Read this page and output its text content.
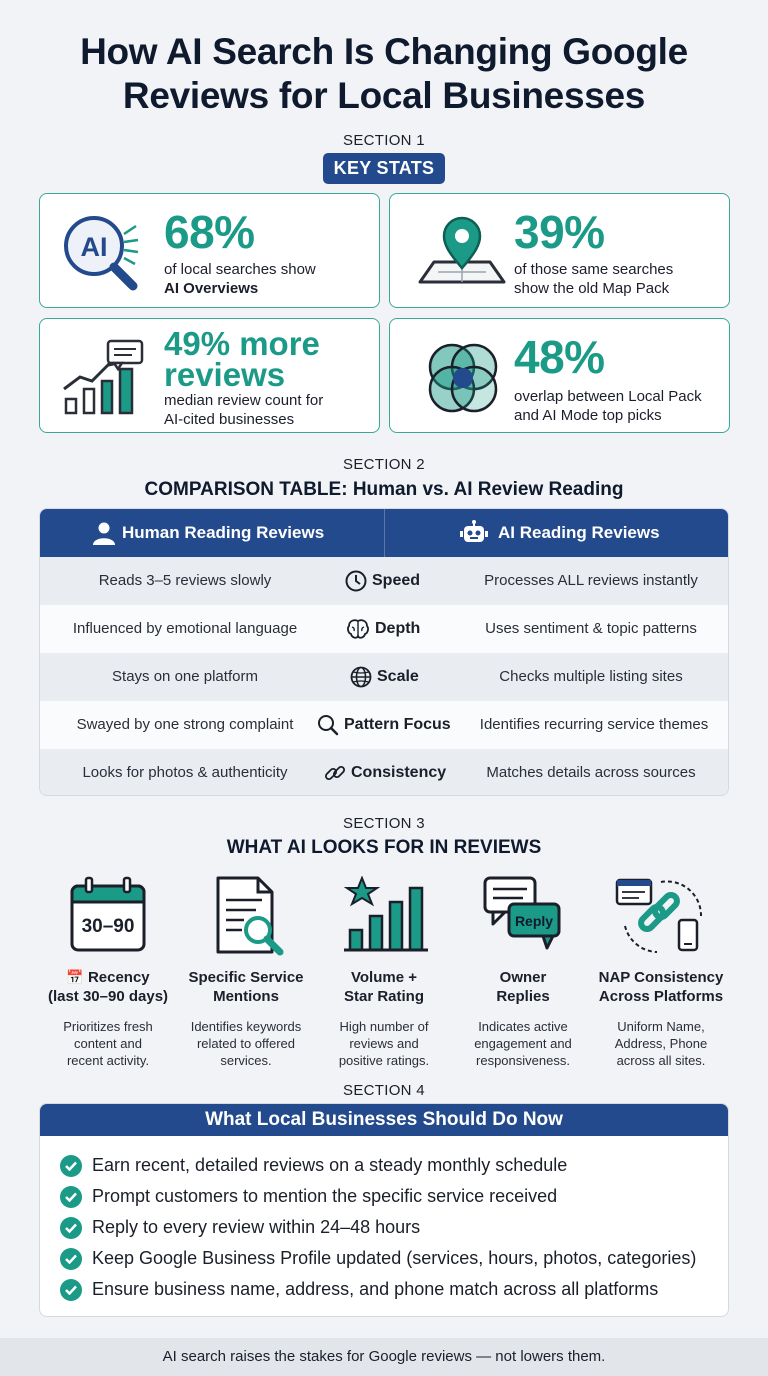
How AI Search Is Changing Google
Reviews for Local Businesses
SECTION 1
KEY STATS
AI 68%
of local searches show
AI Overviews
39%
of those same searches
show the old Map Pack
49% more
reviews
median review count for
AI-cited businesses
48%
overlap between Local Pack
and AI Mode top picks
SECTION 2
COMPARISON TABLE: Human vs. AI Review Reading
Human Reading Reviews	AI Reading Reviews
Reads 3–5 reviews slowly	Speed	Processes ALL reviews instantly
Influenced by emotional language	Depth	Uses sentiment & topic patterns
Stays on one platform	Scale	Checks multiple listing sites
Swayed by one strong complaint	Pattern Focus	Identifies recurring service themes
Looks for photos & authenticity	Consistency	Matches details across sources
SECTION 3
WHAT AI LOOKS FOR IN REVIEWS
30–90
📅 Recency
(last 30–90 days)
Prioritizes fresh
content and
recent activity.
Specific Service
Mentions
Identifies keywords
related to offered
services.
Volume +
Star Rating
High number of
reviews and
positive ratings.
Reply
Owner
Replies
Indicates active
engagement and
responsiveness.
NAP Consistency
Across Platforms
Uniform Name,
Address, Phone
across all sites.
SECTION 4
What Local Businesses Should Do Now
Earn recent, detailed reviews on a steady monthly schedule
Prompt customers to mention the specific service received
Reply to every review within 24–48 hours
Keep Google Business Profile updated (services, hours, photos, categories)
Ensure business name, address, and phone match across all platforms
AI search raises the stakes for Google reviews — not lowers them.
